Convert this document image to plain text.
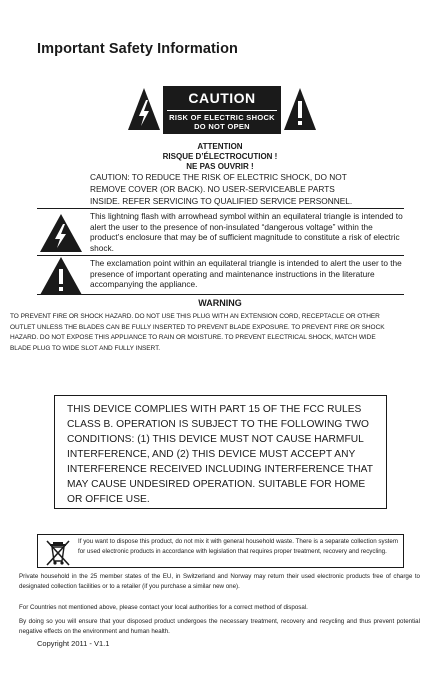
Important Safety Information
CAUTION
RISK OF ELECTRIC SHOCK
DO NOT OPEN
ATTENTION
RISQUE D’ÉLECTROCUTION !
NE PAS OUVRIR !
CAUTION: TO REDUCE THE RISK OF ELECTRIC SHOCK, DO NOT
REMOVE COVER (OR BACK). NO USER-SERVICEABLE PARTS
INSIDE. REFER SERVICING TO QUALIFIED SERVICE PERSONNEL.
This lightning flash with arrowhead symbol within an equilateral triangle is intended to alert the user to the presence of non-insulated “dangerous voltage” within the product’s enclosure that may be of sufficient magnitude to constitute a risk of electric shock.
The exclamation point within an equilateral triangle is intended to alert the user to the presence of important operating and maintenance instructions in the literature accompanying the appliance.
WARNING
TO PREVENT FIRE OR SHOCK HAZARD. DO NOT USE THIS PLUG WITH AN EXTENSION CORD, RECEPTACLE OR OTHER OUTLET UNLESS THE BLADES CAN BE FULLY INSERTED TO PREVENT BLADE EXPOSURE. TO PREVENT FIRE OR SHOCK HAZARD. DO NOT EXPOSE THIS APPLIANCE TO RAIN OR MOISTURE. TO PREVENT ELECTRICAL SHOCK, MATCH WIDE BLADE PLUG TO WIDE SLOT AND FULLY INSERT.
THIS DEVICE COMPLIES WITH PART 15 OF THE FCC RULES CLASS B. OPERATION IS SUBJECT TO THE FOLLOWING TWO CONDITIONS: (1) THIS DEVICE MUST NOT CAUSE HARMFUL INTERFERENCE, AND (2) THIS DEVICE MUST ACCEPT ANY INTERFERENCE RECEIVED INCLUDING INTERFERENCE THAT MAY CAUSE UNDESIRED OPERATION. SUITABLE FOR HOME OR OFFICE USE.
If you want to dispose this product, do not mix it with general household waste. There is a separate collection system for used electronic products in accordance with legislation that requires proper treatment, recovery and recycling.
Private household in the 25 member states of the EU, in Switzerland and Norway may return their used electronic products free of charge to designated collection facilities or to a retailer (if you purchase a similar new one).
For Countries not mentioned above, please contact your local authorities for a correct method of disposal.
By doing so you will ensure that your disposed product undergoes the necessary treatment, recovery and recycling and thus prevent potential negative effects on the environment and human health.
Copyright 2011 - V1.1
